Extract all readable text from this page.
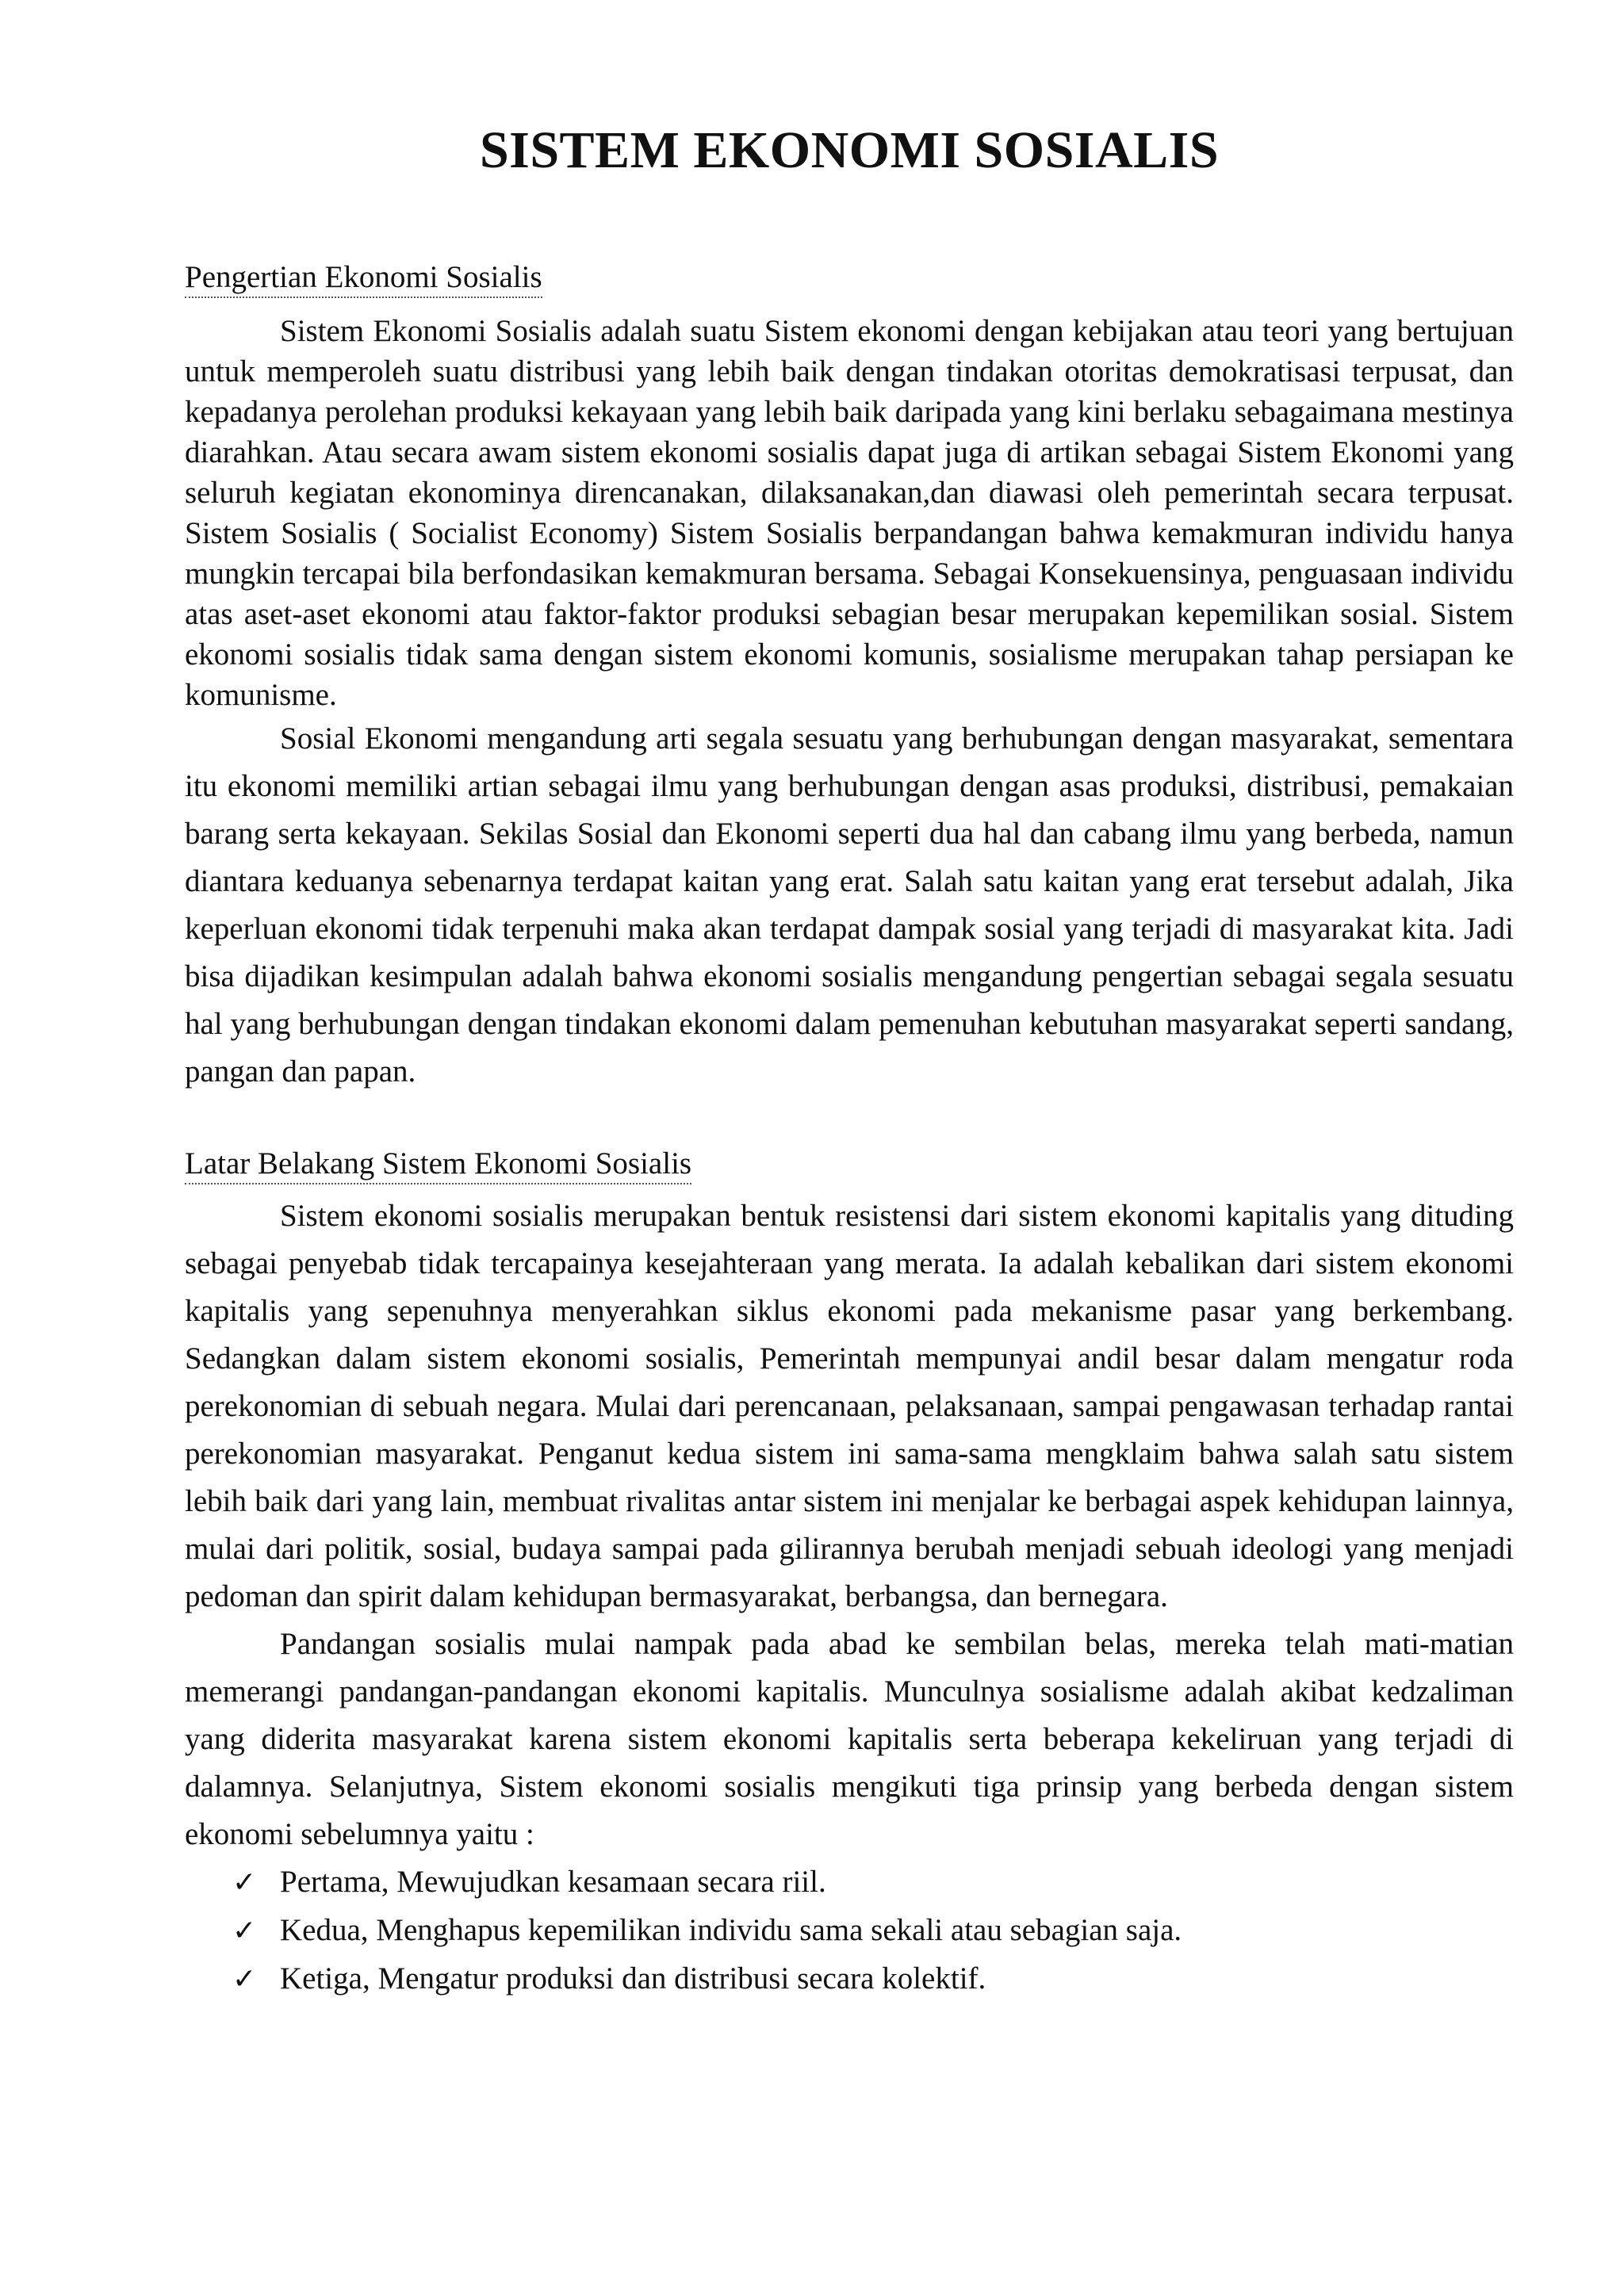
SISTEM EKONOMI SOSIALIS
Pengertian Ekonomi Sosialis

Sistem Ekonomi Sosialis adalah suatu Sistem ekonomi dengan kebijakan atau teori yang bertujuan untuk memperoleh suatu distribusi yang lebih baik dengan tindakan otoritas demokratisasi terpusat, dan kepadanya perolehan produksi kekayaan yang lebih baik daripada yang kini berlaku sebagaimana mestinya diarahkan. Atau secara awam sistem ekonomi sosialis dapat juga di artikan sebagai Sistem Ekonomi yang seluruh kegiatan ekonominya direncanakan, dilaksanakan,dan diawasi oleh pemerintah secara terpusat. Sistem Sosialis ( Socialist Economy) Sistem Sosialis berpandangan bahwa kemakmuran individu hanya mungkin tercapai bila berfondasikan kemakmuran bersama. Sebagai Konsekuensinya, penguasaan individu atas aset-aset ekonomi atau faktor-faktor produksi sebagian besar merupakan kepemilikan sosial. Sistem ekonomi sosialis tidak sama dengan sistem ekonomi komunis, sosialisme merupakan tahap persiapan ke komunisme.

Sosial Ekonomi mengandung arti segala sesuatu yang berhubungan dengan masyarakat, sementara itu ekonomi memiliki artian sebagai ilmu yang berhubungan dengan asas produksi, distribusi, pemakaian barang serta kekayaan. Sekilas Sosial dan Ekonomi seperti dua hal dan cabang ilmu yang berbeda, namun diantara keduanya sebenarnya terdapat kaitan yang erat. Salah satu kaitan yang erat tersebut adalah, Jika keperluan ekonomi tidak terpenuhi maka akan terdapat dampak sosial yang terjadi di masyarakat kita. Jadi bisa dijadikan kesimpulan adalah bahwa ekonomi sosialis mengandung pengertian sebagai segala sesuatu hal yang berhubungan dengan tindakan ekonomi dalam pemenuhan kebutuhan masyarakat seperti sandang, pangan dan papan.

Latar Belakang Sistem Ekonomi Sosialis

Sistem ekonomi sosialis merupakan bentuk resistensi dari sistem ekonomi kapitalis yang dituding sebagai penyebab tidak tercapainya kesejahteraan yang merata. Ia adalah kebalikan dari sistem ekonomi kapitalis yang sepenuhnya menyerahkan siklus ekonomi pada mekanisme pasar yang berkembang. Sedangkan dalam sistem ekonomi sosialis, Pemerintah mempunyai andil besar dalam mengatur roda perekonomian di sebuah negara. Mulai dari perencanaan, pelaksanaan, sampai pengawasan terhadap rantai perekonomian masyarakat. Penganut kedua sistem ini sama-sama mengklaim bahwa salah satu sistem lebih baik dari yang lain, membuat rivalitas antar sistem ini menjalar ke berbagai aspek kehidupan lainnya, mulai dari politik, sosial, budaya sampai pada gilirannya berubah menjadi sebuah ideologi yang menjadi pedoman dan spirit dalam kehidupan bermasyarakat, berbangsa, dan bernegara.

Pandangan sosialis mulai nampak pada abad ke sembilan belas, mereka telah mati-matian memerangi pandangan-pandangan ekonomi kapitalis. Munculnya sosialisme adalah akibat kedzaliman yang diderita masyarakat karena sistem ekonomi kapitalis serta beberapa kekeliruan yang terjadi di dalamnya. Selanjutnya, Sistem ekonomi sosialis mengikuti tiga prinsip yang berbeda dengan sistem ekonomi sebelumnya yaitu :

✓ Pertama, Mewujudkan kesamaan secara riil.
✓ Kedua, Menghapus kepemilikan individu sama sekali atau sebagian saja.
✓ Ketiga, Mengatur produksi dan distribusi secara kolektif.
